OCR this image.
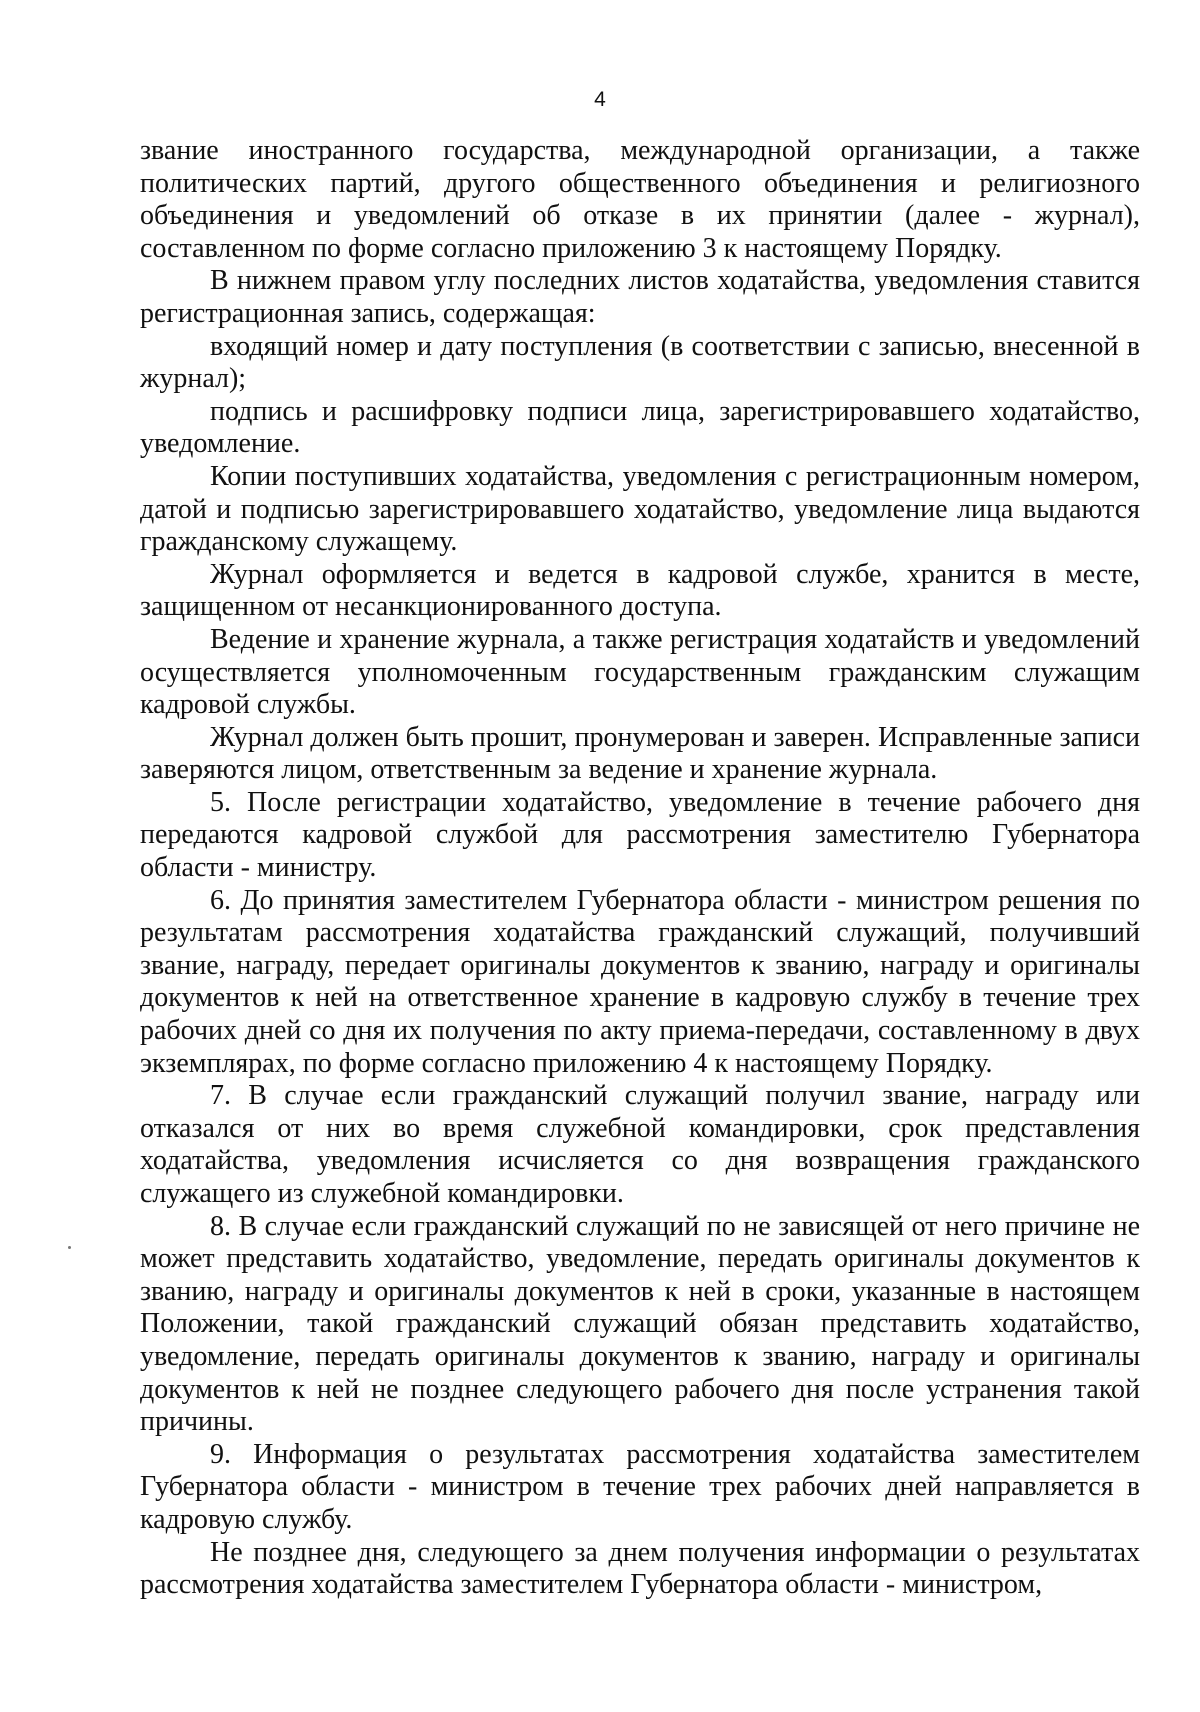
4

звание иностранного государства, международной организации, а также политических партий, другого общественного объединения и религиозного объединения и уведомлений об отказе в их принятии (далее - журнал), составленном по форме согласно приложению 3 к настоящему Порядку.

В нижнем правом углу последних листов ходатайства, уведомления ставится регистрационная запись, содержащая:

входящий номер и дату поступления (в соответствии с записью, внесенной в журнал);

подпись и расшифровку подписи лица, зарегистрировавшего ходатайство, уведомление.

Копии поступивших ходатайства, уведомления с регистрационным номером, датой и подписью зарегистрировавшего ходатайство, уведомление лица выдаются гражданскому служащему.

Журнал оформляется и ведется в кадровой службе, хранится в месте, защищенном от несанкционированного доступа.

Ведение и хранение журнала, а также регистрация ходатайств и уведомлений осуществляется уполномоченным государственным гражданским служащим кадровой службы.

Журнал должен быть прошит, пронумерован и заверен. Исправленные записи заверяются лицом, ответственным за ведение и хранение журнала.

5. После регистрации ходатайство, уведомление в течение рабочего дня передаются кадровой службой для рассмотрения заместителю Губернатора области - министру.

6. До принятия заместителем Губернатора области - министром решения по результатам рассмотрения ходатайства гражданский служащий, получивший звание, награду, передает оригиналы документов к званию, награду и оригиналы документов к ней на ответственное хранение в кадровую службу в течение трех рабочих дней со дня их получения по акту приема-передачи, составленному в двух экземплярах, по форме согласно приложению 4 к настоящему Порядку.

7. В случае если гражданский служащий получил звание, награду или отказался от них во время служебной командировки, срок представления ходатайства, уведомления исчисляется со дня возвращения гражданского служащего из служебной командировки.

8. В случае если гражданский служащий по не зависящей от него причине не может представить ходатайство, уведомление, передать оригиналы документов к званию, награду и оригиналы документов к ней в сроки, указанные в настоящем Положении, такой гражданский служащий обязан представить ходатайство, уведомление, передать оригиналы документов к званию, награду и оригиналы документов к ней не позднее следующего рабочего дня после устранения такой причины.

9. Информация о результатах рассмотрения ходатайства заместителем Губернатора области - министром в течение трех рабочих дней направляется в кадровую службу.

Не позднее дня, следующего за днем получения информации о результатах рассмотрения ходатайства заместителем Губернатора области - министром,
